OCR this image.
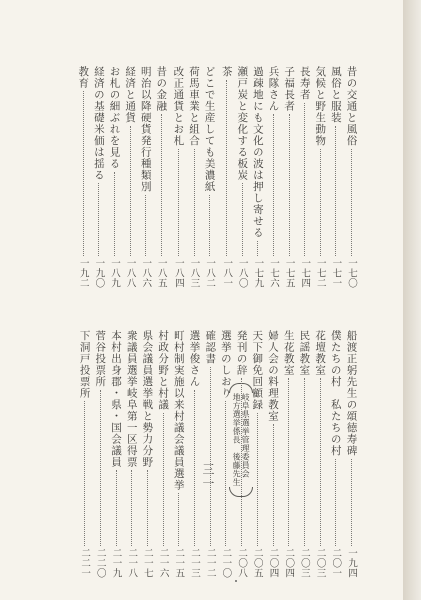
昔の交通と風俗
一七〇
風俗と服装
一七一
気候と野生動物
一七二
長寿者
一七四
子福長者
一七五
兵隊さん
一七六
過疎地にも文化の波は押し寄せる
一七九
瀬戸炭と変化する板炭
一八〇
茶
一八一
どこで生産しても美濃紙
一八二
荷馬車業と組合
一八三
改正通貨とお札
一八四
昔の金融
一八五
明治以降硬貨発行種類別
一八六
経済と通貨
一八八
お札の細ぶれを見る
一八九
経済の基礎米価は揺る
一九〇
教育
一九二
船渡正躬先生の頌徳寿碑
一九四
僕たちの村　私たちの村
二〇一
花壇教室
二〇三
民謡教室
二〇三
生花教室
二〇四
婦人会の料理教室
二〇四
天下御免回顧録
二〇五
発刊の辞
二〇八
岐阜県選挙管理委員会
地方選挙係長　後藤先生
選挙のしおり
二一〇
確認書
二一二
選挙俊さん
二一三
町村制実施以来村議会議員選挙
二一五
村政分野と村議
二一六
県会議員選挙戦と勢力分野
二一七
衆議員選挙岐阜第一区得票
二一八
本村出身郡・県・国会議員
二一九
菅谷投票所
二二〇
下洞戸投票所
二二一
三一
